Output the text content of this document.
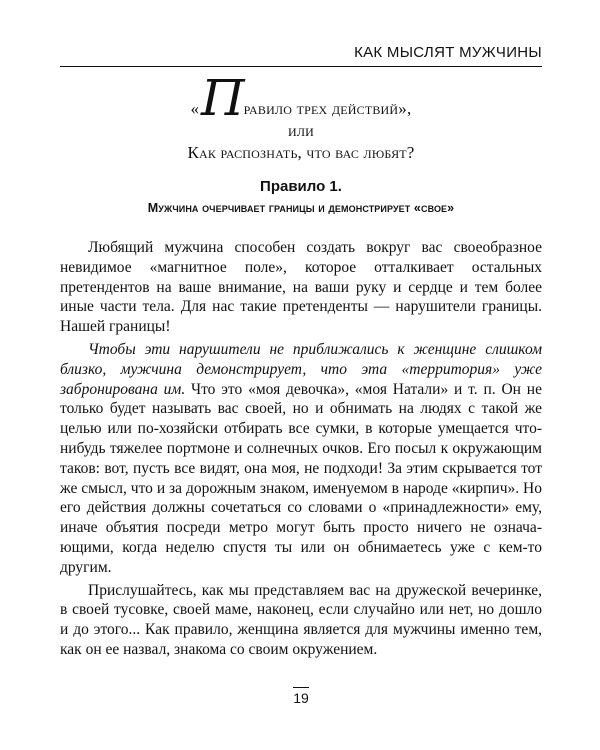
КАК МЫСЛЯТ МУЖЧИНЫ
« П равило трех действий»,
или
Как распознать, что вас любят?
Правило 1.
Мужчина очерчивает границы и демонстрирует «свое»

Любящий мужчина способен создать вокруг вас своеобразное невидимое «магнитное поле», которое отталкивает остальных претендентов на ваше внимание, на ваши руку и сердце и тем более иные части тела. Для нас такие претенденты — нарушители границы. Нашей границы!

Чтобы эти нарушители не приближались к женщине слишком близко, мужчина демонстрирует, что эта «территория» уже забронирована им. Что это «моя девочка», «моя Натали» и т. п. Он не только будет называть вас своей, но и обнимать на людях с такой же целью или по-хозяйски отбирать все сумки, в которые умещается что-нибудь тяжелее портмоне и солнечных очков. Его посыл к окружающим таков: вот, пусть все видят, она моя, не подходи! За этим скрывается тот же смысл, что и за дорожным знаком, именуемом в народе «кирпич». Но его действия должны сочетаться со словами о «принадлежности» ему, иначе объятия посреди метро могут быть просто ничего не означающими, когда неделю спустя ты или он обнимаетесь уже с кем-то другим.

Прислушайтесь, как мы представляем вас на дружеской вечеринке, в своей тусовке, своей маме, наконец, если случайно или нет, но дошло и до этого... Как правило, женщина является для мужчины именно тем, как он ее назвал, знакома со своим окружением.

19
